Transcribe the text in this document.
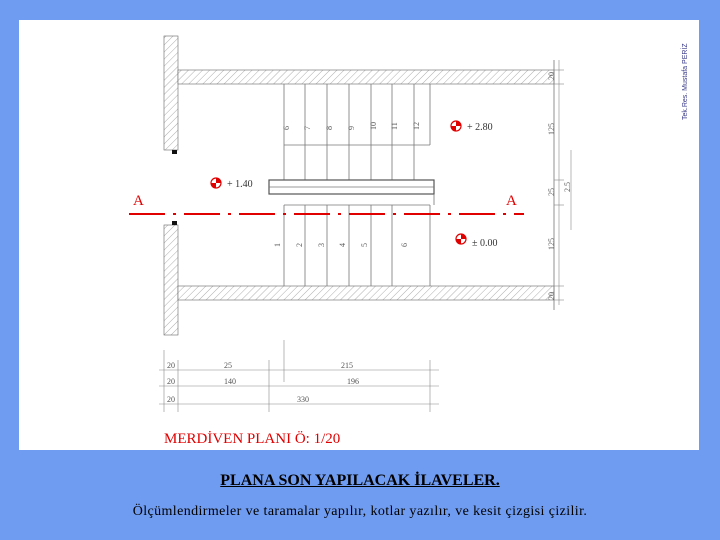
Tek.Res. Mustafa PERİZ
6 7 8 9 10 11 12
1 2 3 4 5	6
A	A
+ 2.80
+ 1.40
± 0.00
20
125
25
125
20
2.5
20	25	215
20	140	196
20	330
MERDİVEN PLANI Ö: 1/20
PLANA SON YAPILACAK İLAVELER.
Ölçümlendirmeler ve taramalar yapılır, kotlar yazılır, ve kesit çizgisi çizilir.
